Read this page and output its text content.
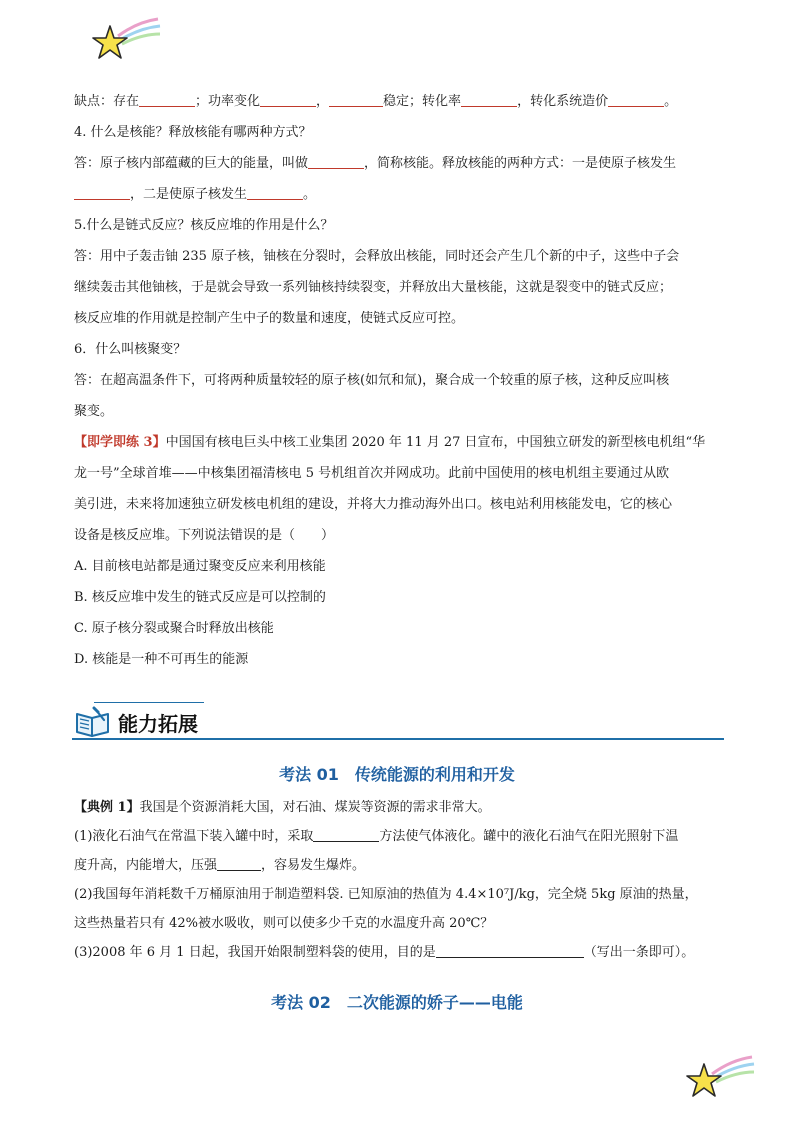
缺点：存在	；功率变化	，	稳定；转化率	，转化系统造价	。
4. 什么是核能？释放核能有哪两种方式？
答：原子核内部蕴藏的巨大的能量，叫做	，简称核能。释放核能的两种方式：一是使原子核发生
，二是使原子核发生	。
5.什么是链式反应？核反应堆的作用是什么？
答：用中子轰击铀 235 原子核，铀核在分裂时，会释放出核能，同时还会产生几个新的中子，这些中子会
继续轰击其他铀核，于是就会导致一系列铀核持续裂变，并释放出大量核能，这就是裂变中的链式反应；
核反应堆的作用就是控制产生中子的数量和速度，使链式反应可控。
6．什么叫核聚变？
答：在超高温条件下，可将两种质量较轻的原子核(如氘和氚)，聚合成一个较重的原子核，这种反应叫核
聚变。
【即学即练 3】中国国有核电巨头中核工业集团 2020 年 11 月 27 日宣布，中国独立研发的新型核电机组“华
龙一号”全球首堆——中核集团福清核电 5 号机组首次并网成功。此前中国使用的核电机组主要通过从欧
美引进，未来将加速独立研发核电机组的建设，并将大力推动海外出口。核电站利用核能发电，它的核心
设备是核反应堆。下列说法错误的是（　　）
A. 目前核电站都是通过聚变反应来利用核能
B. 核反应堆中发生的链式反应是可以控制的
C. 原子核分裂或聚合时释放出核能
D. 核能是一种不可再生的能源
能力拓展
考法 01 传统能源的利用和开发
【典例 1】我国是个资源消耗大国，对石油、煤炭等资源的需求非常大。
(1)液化石油气在常温下装入罐中时，采取	方法使气体液化。罐中的液化石油气在阳光照射下温
度升高，内能增大，压强	，容易发生爆炸。
(2)我国每年消耗数千万桶原油用于制造塑料袋. 已知原油的热值为 4.4×10⁷J/kg，完全烧 5kg 原油的热量，
这些热量若只有 42%被水吸收，则可以使多少千克的水温度升高 20℃？
(3)2008 年 6 月 1 日起，我国开始限制塑料袋的使用，目的是	（写出一条即可）。
考法 02 二次能源的娇子——电能
